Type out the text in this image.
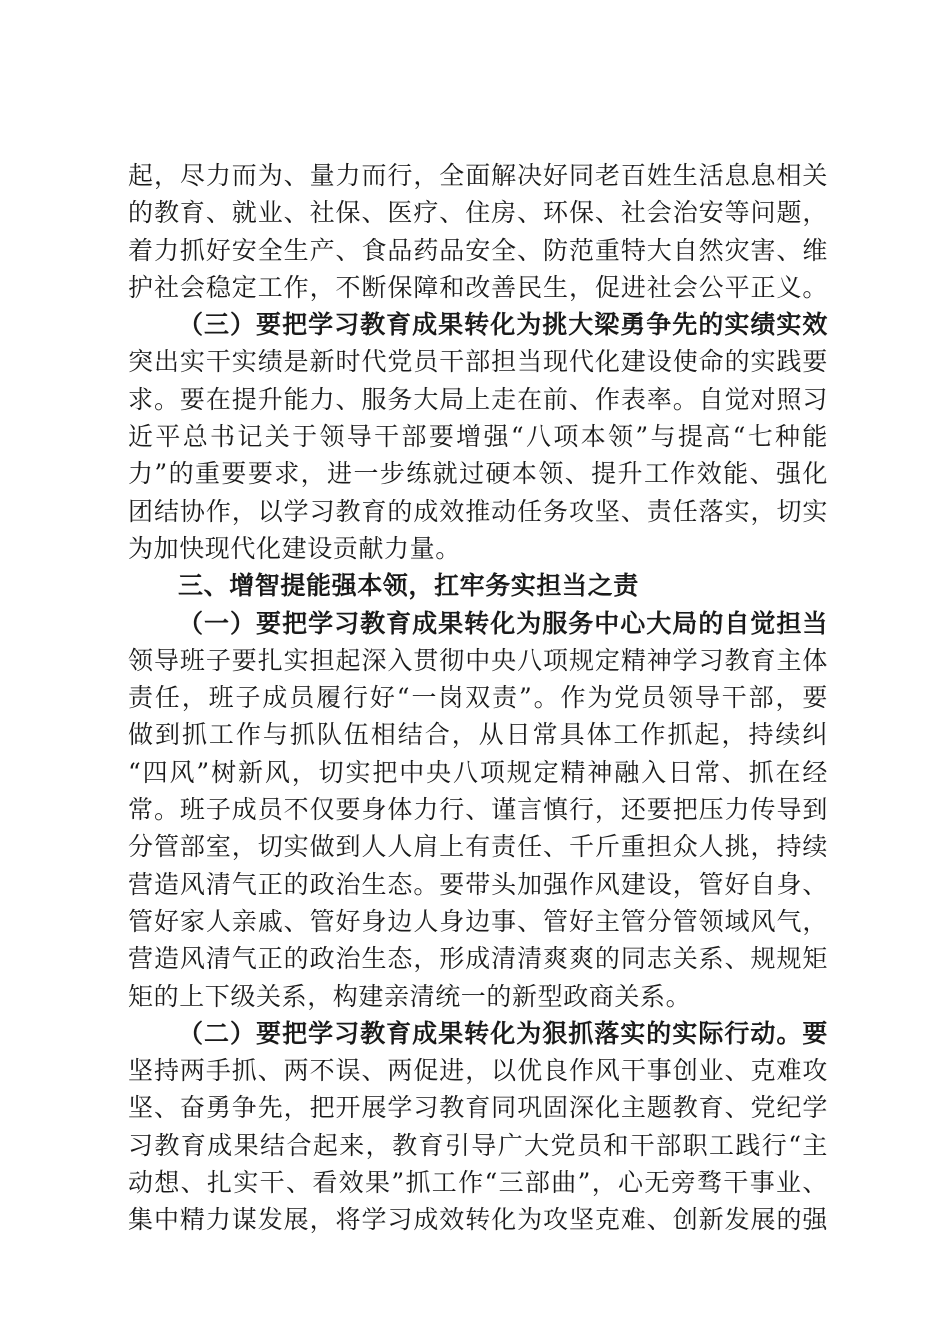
起，尽力而为、量力而行，全面解决好同老百姓生活息息相关
的教育、就业、社保、医疗、住房、环保、社会治安等问题，
着力抓好安全生产、食品药品安全、防范重特大自然灾害、维
护社会稳定工作，不断保障和改善民生，促进社会公平正义。
（三）要把学习教育成果转化为挑大梁勇争先的实绩实效
突出实干实绩是新时代党员干部担当现代化建设使命的实践要
求。要在提升能力、服务大局上走在前、作表率。自觉对照习
近平总书记关于领导干部要增强“八项本领”与提高“七种能
力”的重要要求，进一步练就过硬本领、提升工作效能、强化
团结协作，以学习教育的成效推动任务攻坚、责任落实，切实
为加快现代化建设贡献力量。
三、增智提能强本领，扛牢务实担当之责
（一）要把学习教育成果转化为服务中心大局的自觉担当
领导班子要扎实担起深入贯彻中央八项规定精神学习教育主体
责任，班子成员履行好“一岗双责”。作为党员领导干部，要
做到抓工作与抓队伍相结合，从日常具体工作抓起，持续纠
“四风”树新风，切实把中央八项规定精神融入日常、抓在经
常。班子成员不仅要身体力行、谨言慎行，还要把压力传导到
分管部室，切实做到人人肩上有责任、千斤重担众人挑，持续
营造风清气正的政治生态。要带头加强作风建设，管好自身、
管好家人亲戚、管好身边人身边事、管好主管分管领域风气，
营造风清气正的政治生态，形成清清爽爽的同志关系、规规矩
矩的上下级关系，构建亲清统一的新型政商关系。
（二）要把学习教育成果转化为狠抓落实的实际行动。要
坚持两手抓、两不误、两促进，以优良作风干事创业、克难攻
坚、奋勇争先，把开展学习教育同巩固深化主题教育、党纪学
习教育成果结合起来，教育引导广大党员和干部职工践行“主
动想、扎实干、看效果”抓工作“三部曲”，心无旁骛干事业、
集中精力谋发展，将学习成效转化为攻坚克难、创新发展的强
